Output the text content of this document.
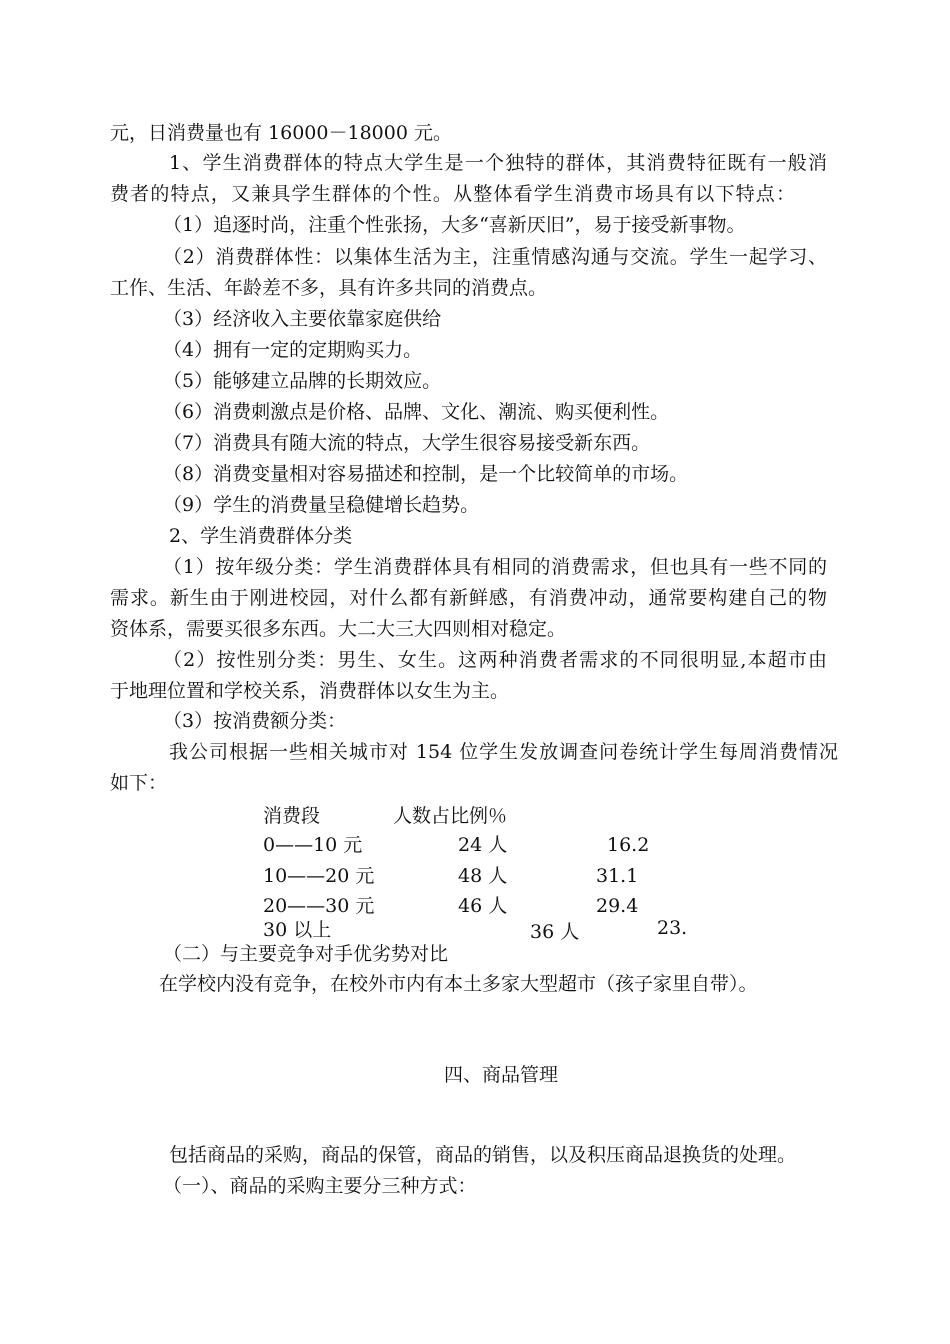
元，日消费量也有 16000－18000 元。
1、学生消费群体的特点大学生是一个独特的群体，其消费特征既有一般消
费者的特点，又兼具学生群体的个性。从整体看学生消费市场具有以下特点：
（1）追逐时尚，注重个性张扬，大多“喜新厌旧”，易于接受新事物。
（2）消费群体性：以集体生活为主，注重情感沟通与交流。学生一起学习、
工作、生活、年龄差不多，具有许多共同的消费点。
（3）经济收入主要依靠家庭供给
（4）拥有一定的定期购买力。
（5）能够建立品牌的长期效应。
（6）消费刺激点是价格、品牌、文化、潮流、购买便利性。
（7）消费具有随大流的特点，大学生很容易接受新东西。
（8）消费变量相对容易描述和控制，是一个比较简单的市场。
（9）学生的消费量呈稳健增长趋势。
2、学生消费群体分类
（1）按年级分类：学生消费群体具有相同的消费需求，但也具有一些不同的
需求。新生由于刚进校园，对什么都有新鲜感，有消费冲动，通常要构建自己的物
资体系，需要买很多东西。大二大三大四则相对稳定。
（2）按性别分类：男生、女生。这两种消费者需求的不同很明显,本超市由
于地理位置和学校关系，消费群体以女生为主。
（3）按消费额分类：
我公司根据一些相关城市对 154 位学生发放调查问卷统计学生每周消费情况
如下：
消费段	人数占比例％
0——10 元	24 人	16.2
10——20 元	48 人	31.1
20——30 元	46 人	29.4
30 以上	36 人	23.
（二）与主要竞争对手优劣势对比
在学校内没有竞争，在校外市内有本土多家大型超市（孩子家里自带）。
四、商品管理
包括商品的采购，商品的保管，商品的销售，以及积压商品退换货的处理。
（一）、商品的采购主要分三种方式：
